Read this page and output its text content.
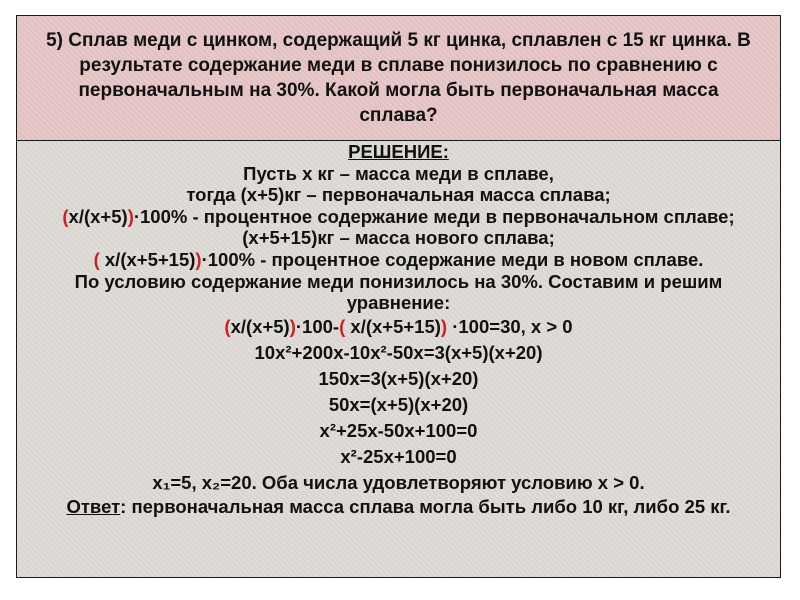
5) Сплав меди с цинком, содержащий 5 кг цинка, сплавлен с 15 кг цинка. В результате содержание меди в сплаве понизилось по сравнению с первоначальным на 30%. Какой могла быть первоначальная масса сплава?

РЕШЕНИЕ:

Пусть х кг – масса меди в сплаве,

тогда (х+5)кг – первоначальная масса сплава;

(х/(х+5))·100% - процентное содержание меди в первоначальном сплаве; (х+5+15)кг – масса нового сплава;

( х/(х+5+15))·100% - процентное содержание меди в новом сплаве.

По условию содержание меди понизилось на 30%. Составим и решим уравнение:

(х/(х+5))·100-( х/(х+5+15)) ·100=30, х > 0

10х²+200х-10х²-50х=3(х+5)(х+20)

150х=3(х+5)(х+20)

50х=(х+5)(х+20)

х²+25х-50х+100=0

х²-25х+100=0

х₁=5, х₂=20. Оба числа удовлетворяют условию х > 0.

Ответ: первоначальная масса сплава могла быть либо 10 кг, либо 25 кг.
